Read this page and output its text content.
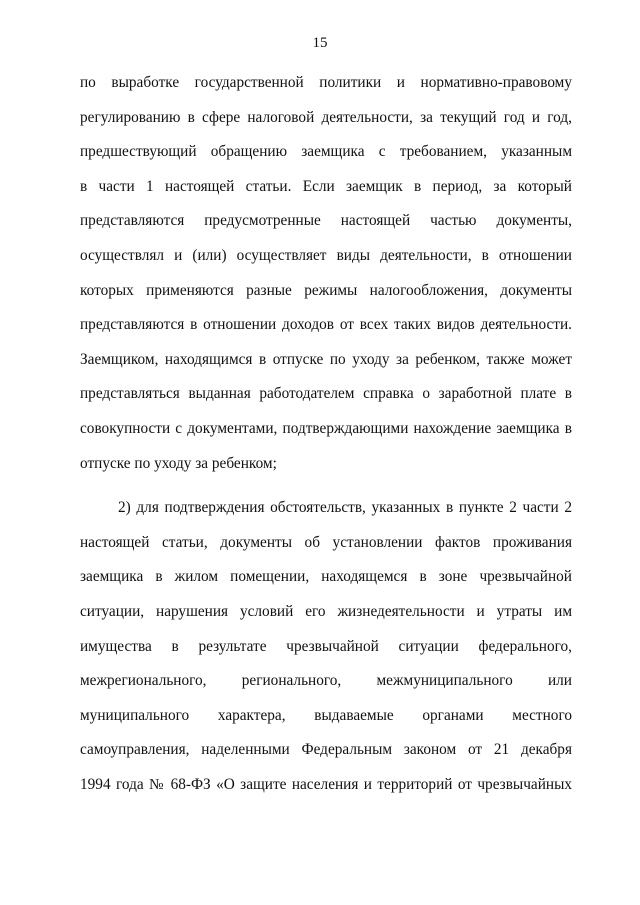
15
по выработке государственной политики и нормативно-правовому
регулированию в сфере налоговой деятельности, за текущий год и год,
предшествующий обращению заемщика с требованием, указанным
в части 1 настоящей статьи. Если заемщик в период, за который
представляются предусмотренные настоящей частью документы,
осуществлял и (или) осуществляет виды деятельности, в отношении
которых применяются разные режимы налогообложения, документы
представляются в отношении доходов от всех таких видов деятельности.
Заемщиком, находящимся в отпуске по уходу за ребенком, также может
представляться выданная работодателем справка о заработной плате в
совокупности с документами, подтверждающими нахождение заемщика в
отпуске по уходу за ребенком;
2) для подтверждения обстоятельств, указанных в пункте 2 части 2
настоящей статьи, документы об установлении фактов проживания
заемщика в жилом помещении, находящемся в зоне чрезвычайной
ситуации, нарушения условий его жизнедеятельности и утраты им
имущества в результате чрезвычайной ситуации федерального,
межрегионального, регионального, межмуниципального или
муниципального характера, выдаваемые органами местного
самоуправления, наделенными Федеральным законом от 21 декабря
1994 года № 68-ФЗ «О защите населения и территорий от чрезвычайных
